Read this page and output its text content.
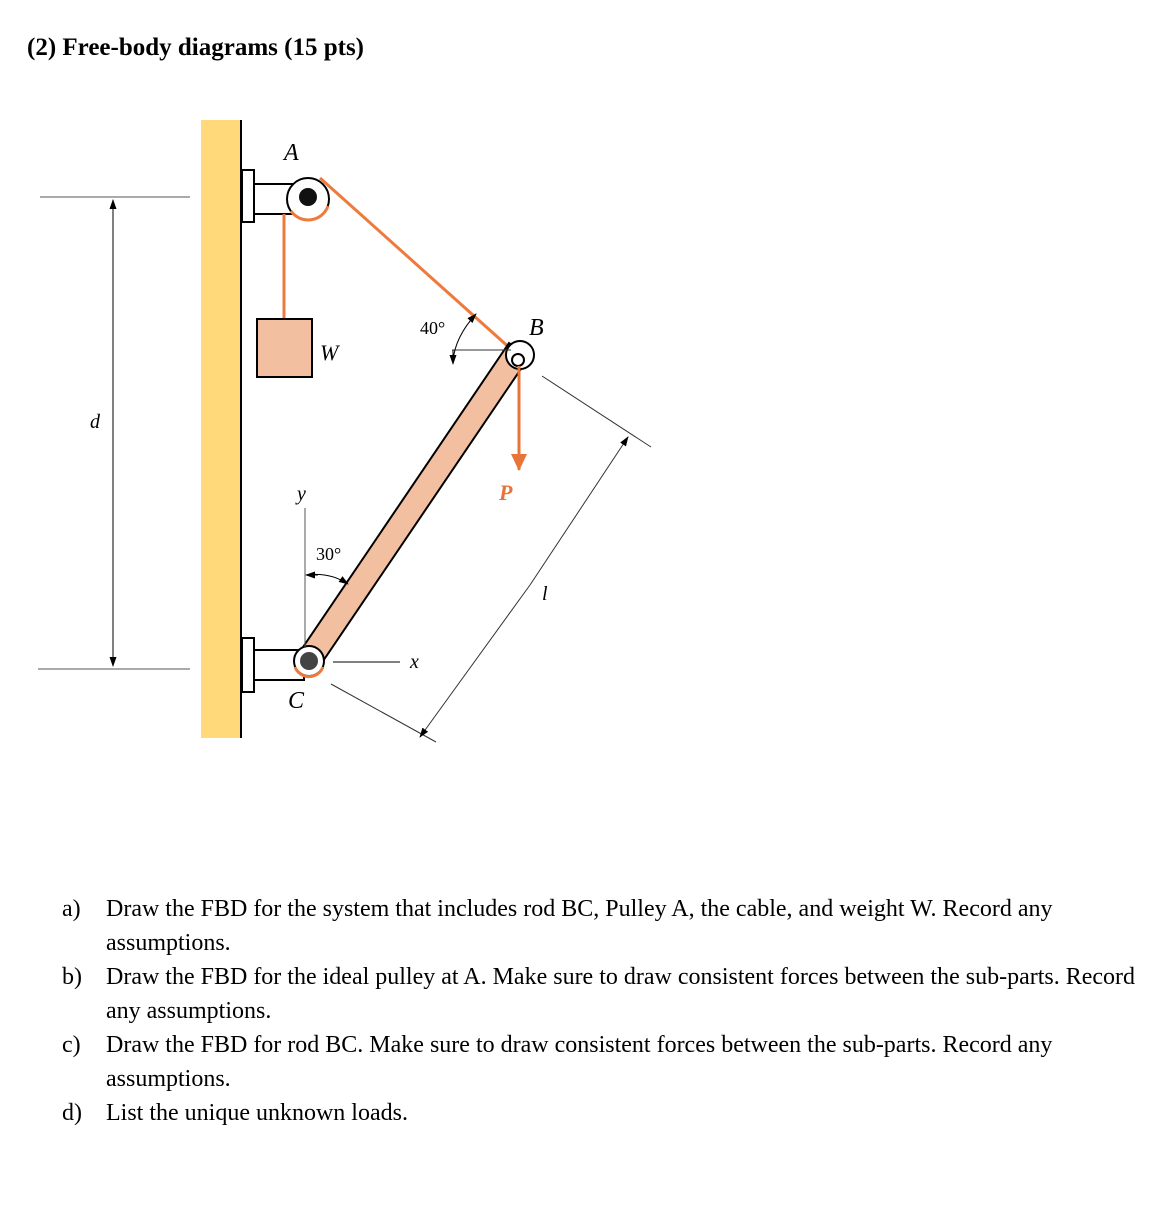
(2) Free-body diagrams (15 pts)
d
A
W
C
B
P
40°
y
30°
x
l
a)	Draw the FBD for the system that includes rod BC, Pulley A, the cable, and weight W. Record any assumptions.
b)	Draw the FBD for the ideal pulley at A. Make sure to draw consistent forces between the sub-parts. Record any assumptions.
c)	Draw the FBD for rod BC. Make sure to draw consistent forces between the sub-parts. Record any assumptions.
d)	List the unique unknown loads.
